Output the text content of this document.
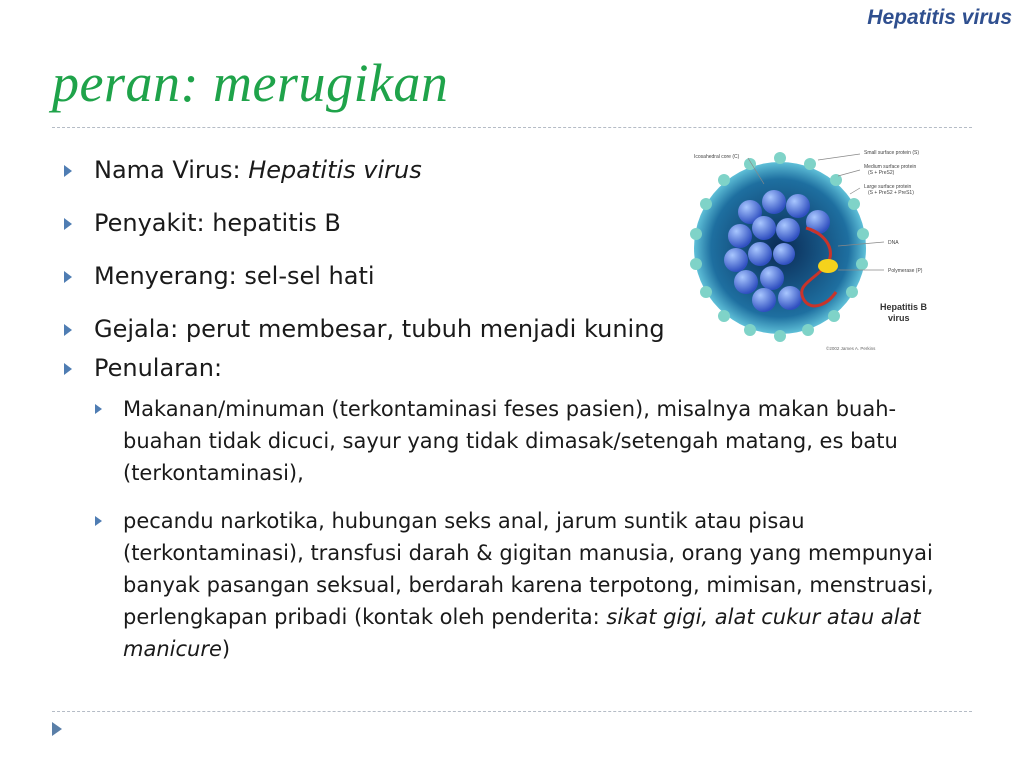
Hepatitis virus
peran: merugikan
Nama Virus: Hepatitis virus
Penyakit: hepatitis B
Menyerang: sel-sel hati
Gejala: perut membesar, tubuh menjadi kuning
Penularan:
Makanan/minuman (terkontaminasi feses pasien), misalnya makan buah-buahan tidak dicuci, sayur yang tidak dimasak/setengah matang, es batu (terkontaminasi),
pecandu narkotika, hubungan seks anal, jarum suntik atau pisau (terkontaminasi), transfusi darah & gigitan manusia, orang yang mempunyai banyak pasangan seksual, berdarah karena terpotong, mimisan, menstruasi, perlengkapan pribadi (kontak oleh penderita: sikat gigi, alat cukur atau alat manicure)
Icosahedral core (C)
Small surface protein (S)
Medium surface protein
(S + PreS2)
Large surface protein
(S + PreS2 + PreS1)
DNA
Polymerase (P)
Hepatitis B
virus
©2002 James A. Perkins
